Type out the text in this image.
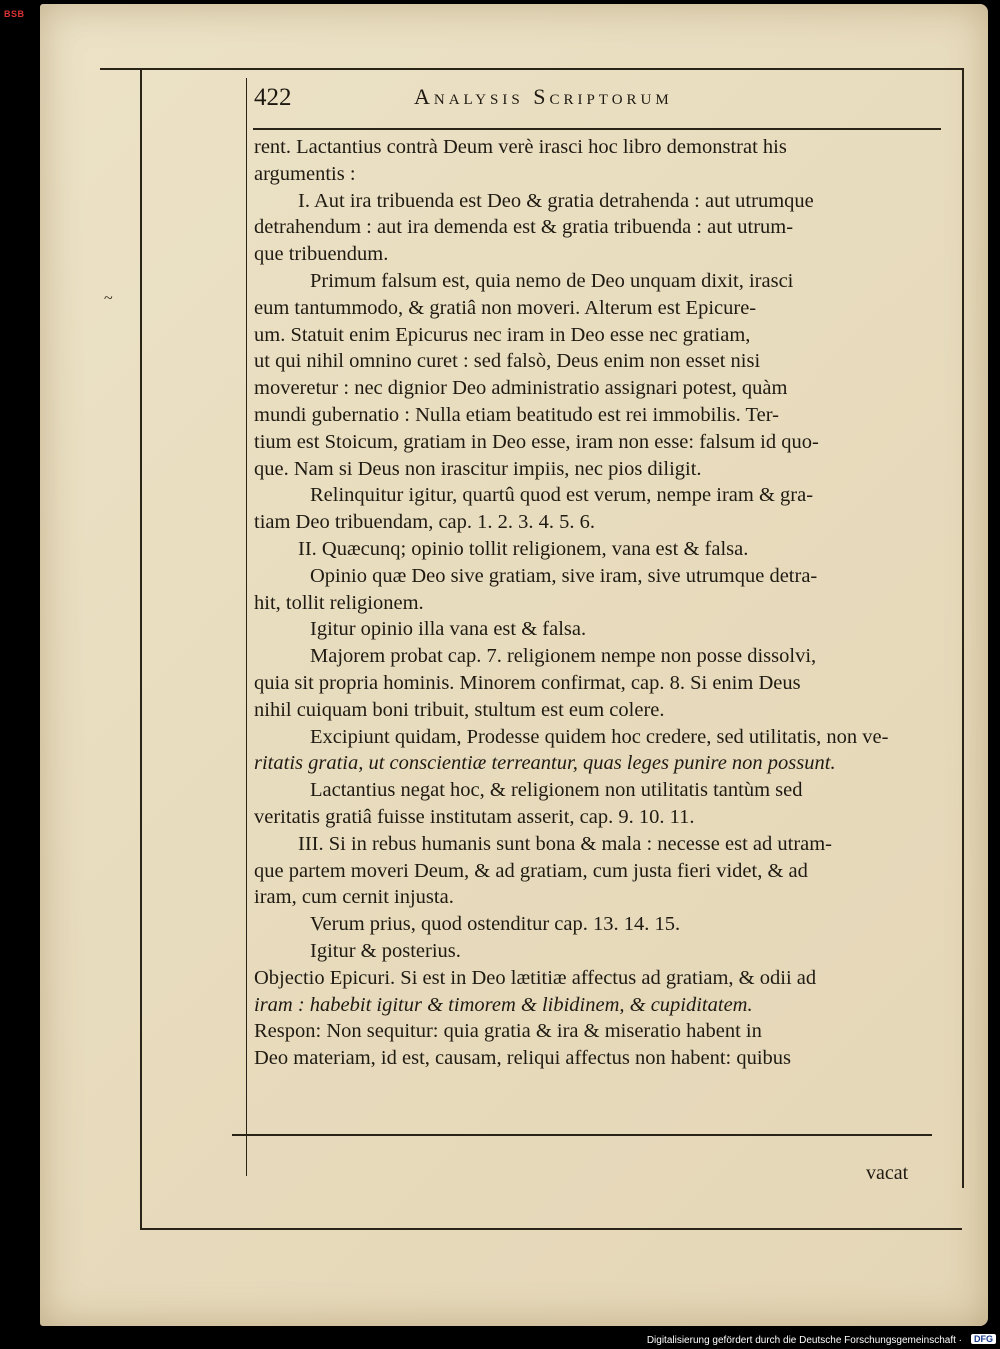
BSB
~
422	Analysis Scriptorum

rent. Lactantius contrà Deum verè irasci hoc libro demonstrat his

argumentis :

I. Aut ira tribuenda est Deo & gratia detrahenda : aut utrumque

detrahendum : aut ira demenda est & gratia tribuenda : aut utrum-

que tribuendum.

Primum falsum est, quia nemo de Deo unquam dixit, irasci

eum tantummodo, & gratiâ non moveri. Alterum est Epicure-

um. Statuit enim Epicurus nec iram in Deo esse nec gratiam,

ut qui nihil omnino curet : sed falsò, Deus enim non esset nisi

moveretur : nec dignior Deo administratio assignari potest, quàm

mundi gubernatio : Nulla etiam beatitudo est rei immobilis. Ter-

tium est Stoicum, gratiam in Deo esse, iram non esse: falsum id quo-

que. Nam si Deus non irascitur impiis, nec pios diligit.

Relinquitur igitur, quartû quod est verum, nempe iram & gra-

tiam Deo tribuendam, cap. 1. 2. 3. 4. 5. 6.

II. Quæcunq; opinio tollit religionem, vana est & falsa.

Opinio quæ Deo sive gratiam, sive iram, sive utrumque detra-

hit, tollit religionem.

Igitur opinio illa vana est & falsa.

Majorem probat cap. 7. religionem nempe non posse dissolvi,

quia sit propria hominis. Minorem confirmat, cap. 8. Si enim Deus

nihil cuiquam boni tribuit, stultum est eum colere.

Excipiunt quidam, Prodesse quidem hoc credere, sed utilitatis, non ve-

ritatis gratia, ut conscientiæ terreantur, quas leges punire non possunt.

Lactantius negat hoc, & religionem non utilitatis tantùm sed

veritatis gratiâ fuisse institutam asserit, cap. 9. 10. 11.

III. Si in rebus humanis sunt bona & mala : necesse est ad utram-

que partem moveri Deum, & ad gratiam, cum justa fieri videt, & ad

iram, cum cernit injusta.

Verum prius, quod ostenditur cap. 13. 14. 15.

Igitur & posterius.

Objectio Epicuri. Si est in Deo lætitiæ affectus ad gratiam, & odii ad

iram : habebit igitur & timorem & libidinem, & cupiditatem.

Respon: Non sequitur: quia gratia & ira & miseratio habent in

Deo materiam, id est, causam, reliqui affectus non habent: quibus

vacat
Digitalisierung gefördert durch die Deutsche Forschungsgemeinschaft ·	DFG
